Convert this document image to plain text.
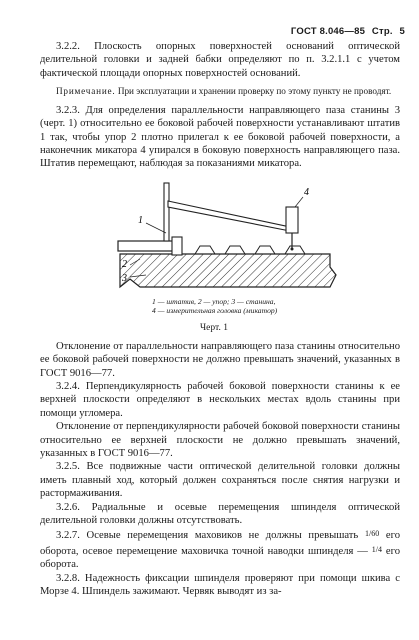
ГОСТ 8.046—85 Стр. 5

3.2.2. Плоскость опорных поверхностей оснований оптической делительной головки и задней бабки определяют по п. 3.2.1.1 с учетом фактической площади опорных поверхностей оснований.

Примечание. При эксплуатации и хранении проверку по этому пункту не проводят.

3.2.3. Для определения параллельности направляющего паза станины 3 (черт. 1) относительно ее боковой рабочей поверхности устанавливают штатив 1 так, чтобы упор 2 плотно прилегал к ее боковой рабочей поверхности, а наконечник микатора 4 упирался в боковую поверхность направляющего паза. Штатив перемещают, наблюдая за показаниями микатора.

1
4
2
3
1 — штатив, 2 — упор; 3 — станина,
4 — измерительная головка (микатор)
Черт. 1

Отклонение от параллельности направляющего паза станины относительно ее боковой рабочей поверхности не должно превышать значений, указанных в ГОСТ 9016—77.

3.2.4. Перпендикулярность рабочей боковой поверхности станины к ее верхней плоскости определяют в нескольких местах вдоль станины при помощи угломера.

Отклонение от перпендикулярности рабочей боковой поверхности станины относительно ее верхней плоскости не должно превышать значений, указанных в ГОСТ 9016—77.

3.2.5. Все подвижные части оптической делительной головки должны иметь плавный ход, который должен сохраняться после снятия нагрузки и растормаживания.

3.2.6. Радиальные и осевые перемещения шпинделя оптической делительной головки должны отсутствовать.

3.2.7. Осевые перемещения маховиков не должны превышать 1/60 его оборота, осевое перемещение маховичка точной наводки шпинделя — 1/4 его оборота.

3.2.8. Надежность фиксации шпинделя проверяют при помощи шкива с Морзе 4. Шпиндель зажимают. Червяк выводят из за-
